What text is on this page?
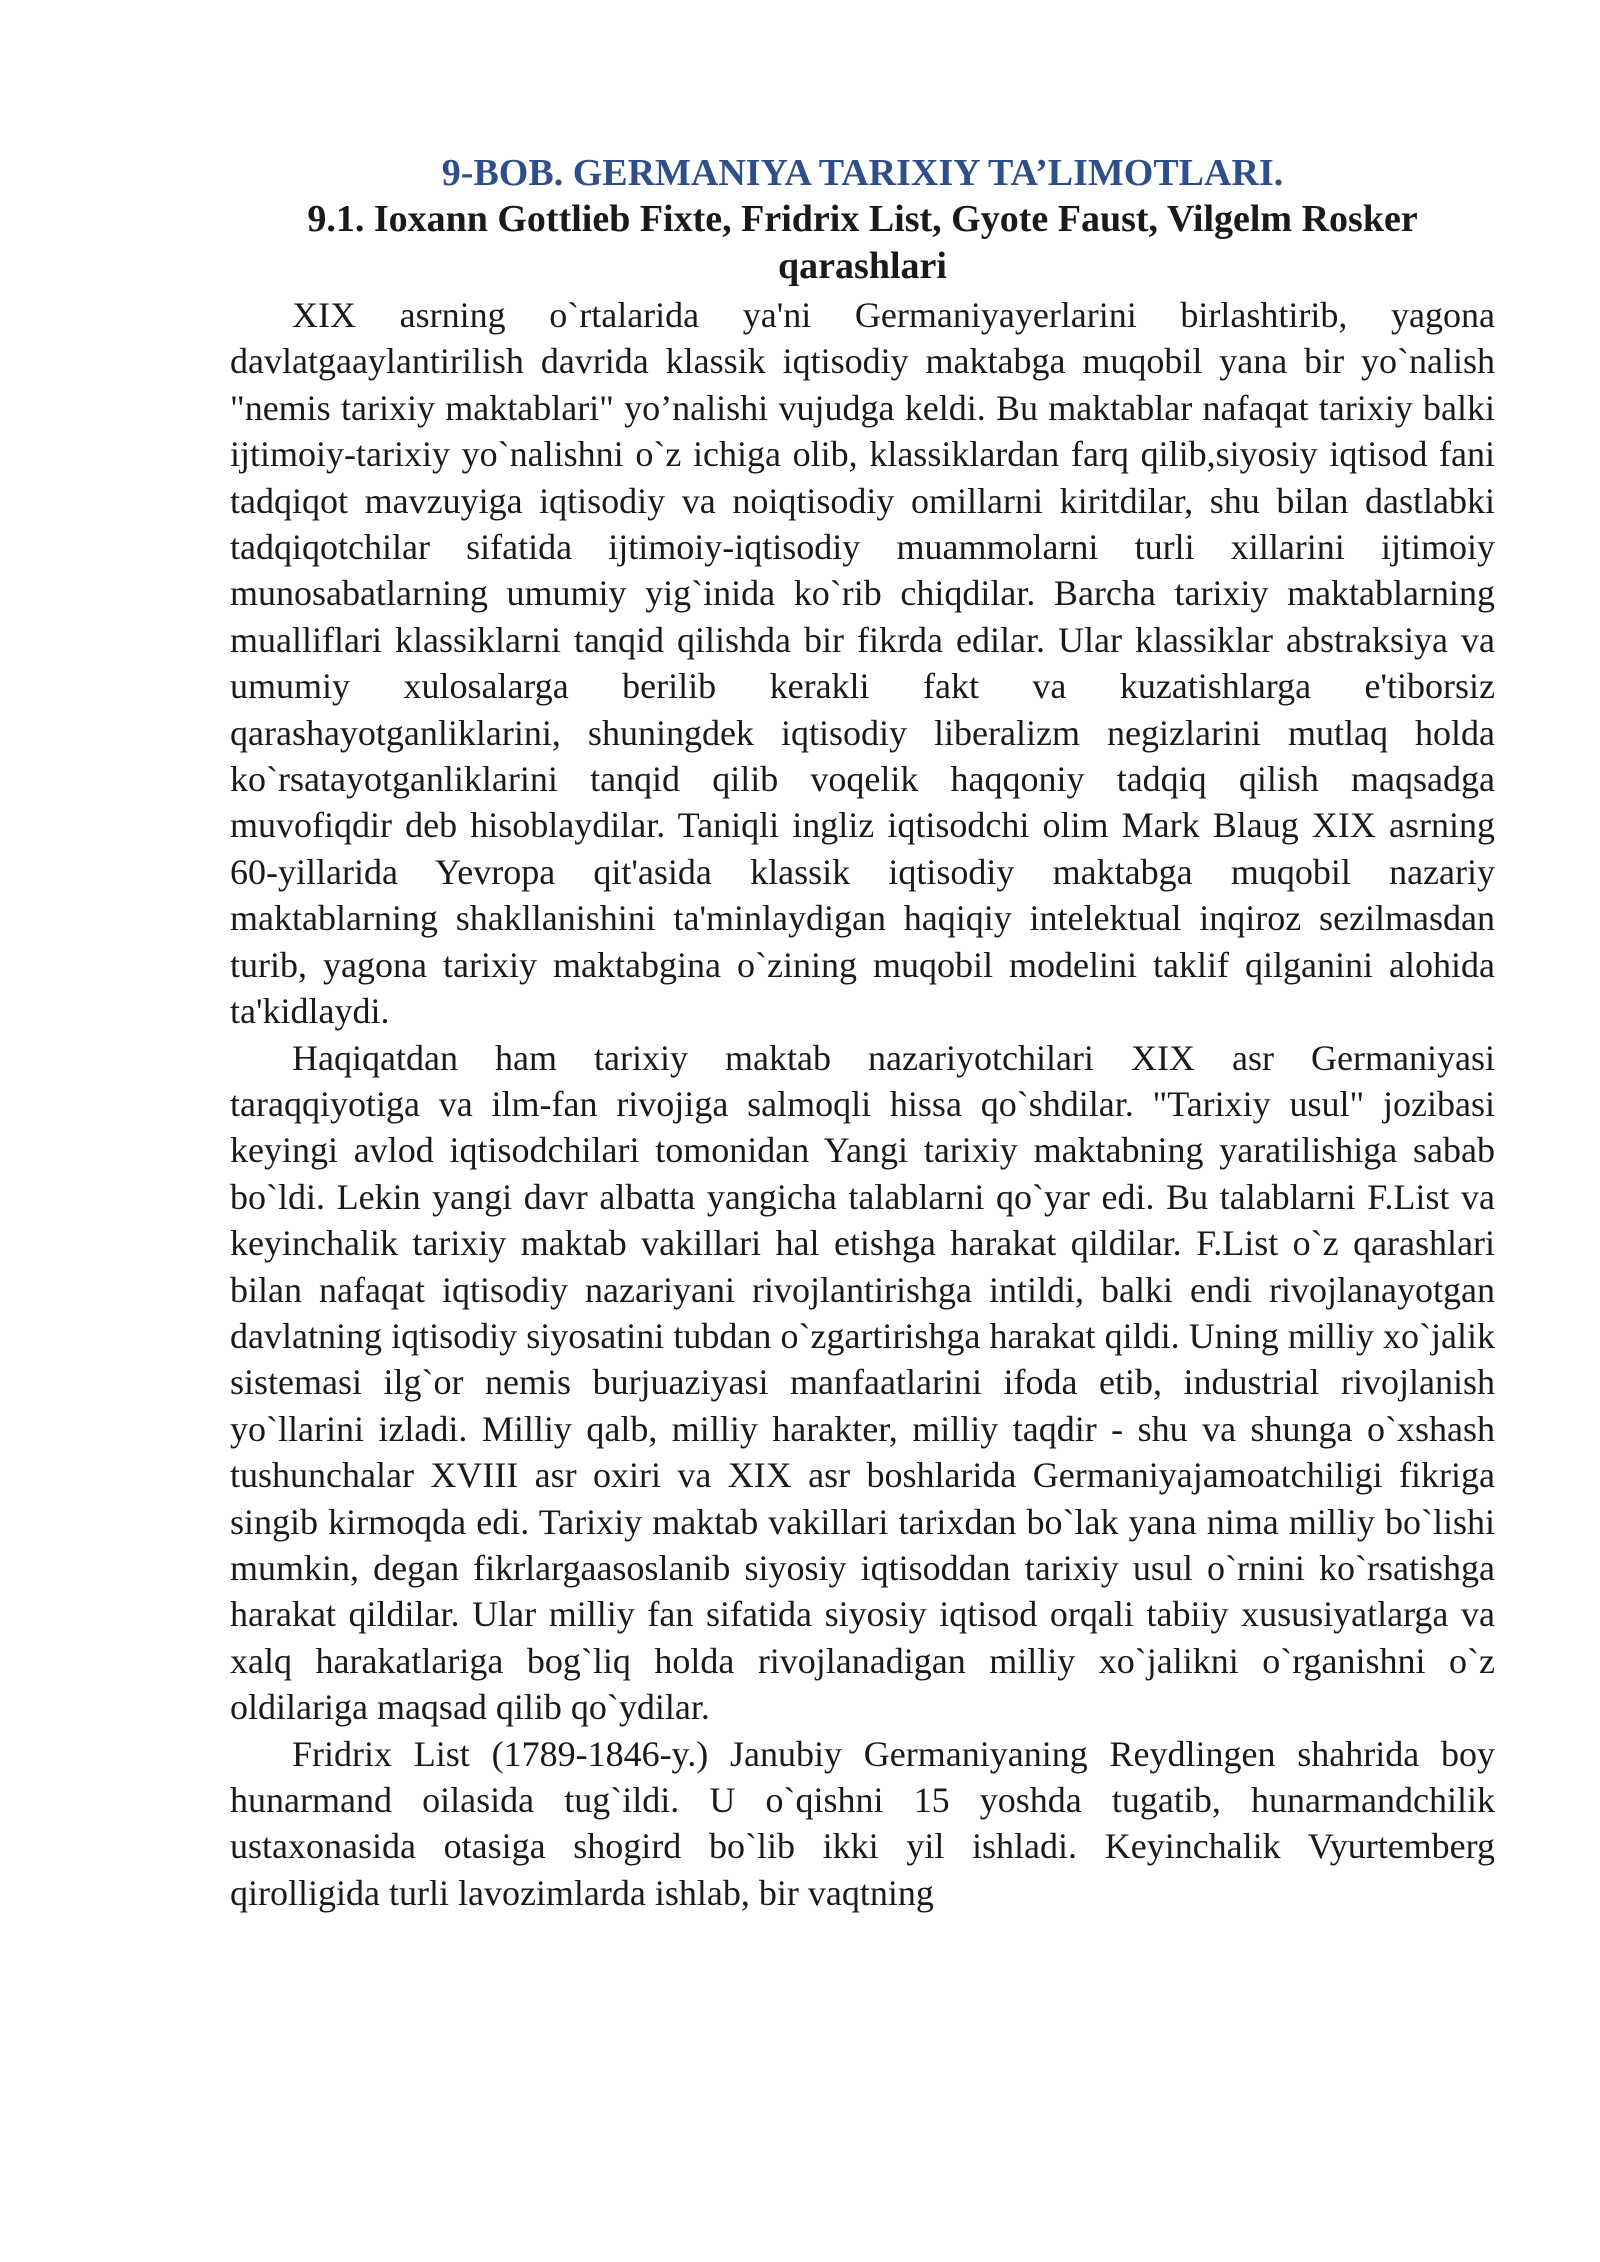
9-BOB. GERMANIYA TARIXIY TA’LIMOTLARI.
9.1. Ioxann Gottlieb Fixte, Fridrix List, Gyote Faust, Vilgelm Rosker qarashlari

XIX asrning o`rtalarida ya'ni Germaniyayerlarini birlashtirib, yagona davlatgaaylantirilish davrida klassik iqtisodiy maktabga muqobil yana bir yo`nalish "nemis tarixiy maktablari" yo’nalishi vujudga keldi. Bu maktablar nafaqat tarixiy balki ijtimoiy-tarixiy yo`nalishni o`z ichiga olib, klassiklardan farq qilib,siyosiy iqtisod fani tadqiqot mavzuyiga iqtisodiy va noiqtisodiy omillarni kiritdilar, shu bilan dastlabki tadqiqotchilar sifatida ijtimoiy-iqtisodiy muammolarni turli xillarini ijtimoiy munosabatlarning umumiy yig`inida ko`rib chiqdilar. Barcha tarixiy maktablarning mualliflari klassiklarni tanqid qilishda bir fikrda edilar. Ular klassiklar abstraksiya va umumiy xulosalarga berilib kerakli fakt va kuzatishlarga e'tiborsiz qarashayotganliklarini, shuningdek iqtisodiy liberalizm negizlarini mutlaq holda ko`rsatayotganliklarini tanqid qilib voqelik haqqoniy tadqiq qilish maqsadga muvofiqdir deb hisoblaydilar. Taniqli ingliz iqtisodchi olim Mark Blaug XIX asrning 60-yillarida Yevropa qit'asida klassik iqtisodiy maktabga muqobil nazariy maktablarning shakllanishini ta'minlaydigan haqiqiy intelektual inqiroz sezilmasdan turib, yagona tarixiy maktabgina o`zining muqobil modelini taklif qilganini alohida ta'kidlaydi.

Haqiqatdan ham tarixiy maktab nazariyotchilari XIX asr Germaniyasi taraqqiyotiga va ilm-fan rivojiga salmoqli hissa qo`shdilar. "Tarixiy usul" jozibasi keyingi avlod iqtisodchilari tomonidan Yangi tarixiy maktabning yaratilishiga sabab bo`ldi. Lekin yangi davr albatta yangicha talablarni qo`yar edi. Bu talablarni F.List va keyinchalik tarixiy maktab vakillari hal etishga harakat qildilar. F.List o`z qarashlari bilan nafaqat iqtisodiy nazariyani rivojlantirishga intildi, balki endi rivojlanayotgan davlatning iqtisodiy siyosatini tubdan o`zgartirishga harakat qildi. Uning milliy xo`jalik sistemasi ilg`or nemis burjuaziyasi manfaatlarini ifoda etib, industrial rivojlanish yo`llarini izladi. Milliy qalb, milliy harakter, milliy taqdir - shu va shunga o`xshash tushunchalar XVIII asr oxiri va XIX asr boshlarida Germaniyajamoatchiligi fikriga singib kirmoqda edi. Tarixiy maktab vakillari tarixdan bo`lak yana nima milliy bo`lishi mumkin, degan fikrlargaasoslanib siyosiy iqtisoddan tarixiy usul o`rnini ko`rsatishga harakat qildilar. Ular milliy fan sifatida siyosiy iqtisod orqali tabiiy xususiyatlarga va xalq harakatlariga bog`liq holda rivojlanadigan milliy xo`jalikni o`rganishni o`z oldilariga maqsad qilib qo`ydilar.

Fridrix List (1789-1846-y.) Janubiy Germaniyaning Reydlingen shahrida boy hunarmand oilasida tug`ildi. U o`qishni 15 yoshda tugatib, hunarmandchilik ustaxonasida otasiga shogird bo`lib ikki yil ishladi. Keyinchalik Vyurtemberg qirolligida turli lavozimlarda ishlab, bir vaqtning
